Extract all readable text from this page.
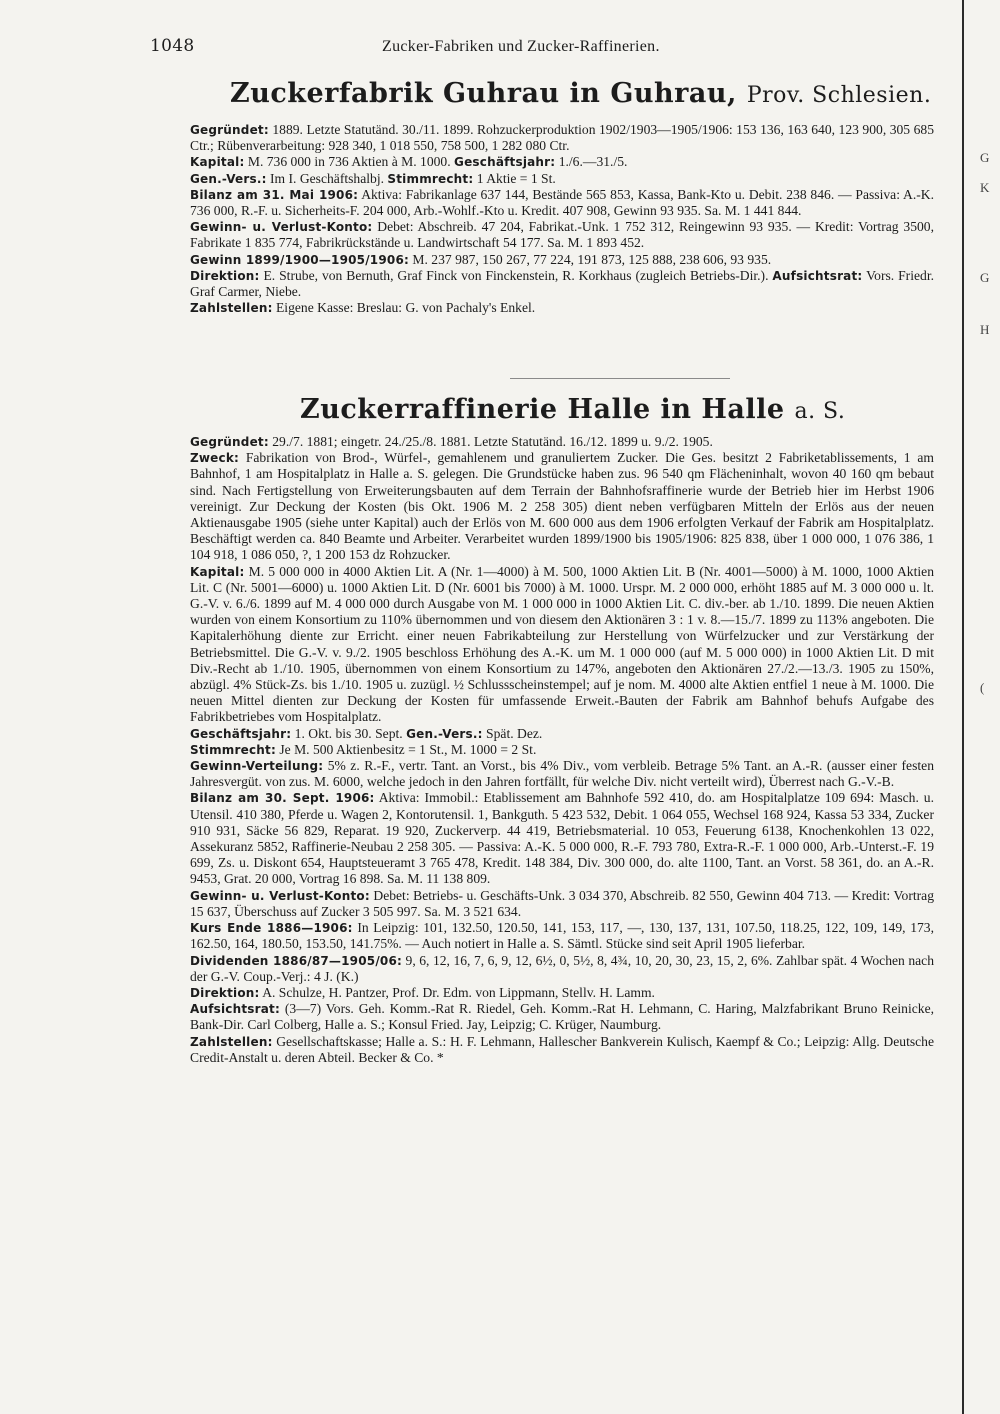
1048	Zucker-Fabriken und Zucker-Raffinerien.
Zuckerfabrik Guhrau in Guhrau, Prov. Schlesien.

Gegründet: 1889. Letzte Statutänd. 30./11. 1899. Rohzuckerproduktion 1902/1903—1905/1906: 153 136, 163 640, 123 900, 305 685 Ctr.; Rübenverarbeitung: 928 340, 1 018 550, 758 500, 1 282 080 Ctr.

Kapital: M. 736 000 in 736 Aktien à M. 1000. Geschäftsjahr: 1./6.—31./5.

Gen.-Vers.: Im I. Geschäftshalbj. Stimmrecht: 1 Aktie = 1 St.

Bilanz am 31. Mai 1906: Aktiva: Fabrikanlage 637 144, Bestände 565 853, Kassa, Bank-Kto u. Debit. 238 846. — Passiva: A.-K. 736 000, R.-F. u. Sicherheits-F. 204 000, Arb.-Wohlf.-Kto u. Kredit. 407 908, Gewinn 93 935. Sa. M. 1 441 844.

Gewinn- u. Verlust-Konto: Debet: Abschreib. 47 204, Fabrikat.-Unk. 1 752 312, Reingewinn 93 935. — Kredit: Vortrag 3500, Fabrikate 1 835 774, Fabrikrückstände u. Landwirtschaft 54 177. Sa. M. 1 893 452.

Gewinn 1899/1900—1905/1906: M. 237 987, 150 267, 77 224, 191 873, 125 888, 238 606, 93 935.

Direktion: E. Strube, von Bernuth, Graf Finck von Finckenstein, R. Korkhaus (zugleich Betriebs-Dir.). Aufsichtsrat: Vors. Friedr. Graf Carmer, Niebe.

Zahlstellen: Eigene Kasse: Breslau: G. von Pachaly's Enkel.

Zuckerraffinerie Halle in Halle a. S.

Gegründet: 29./7. 1881; eingetr. 24./25./8. 1881. Letzte Statutänd. 16./12. 1899 u. 9./2. 1905.

Zweck: Fabrikation von Brod-, Würfel-, gemahlenem und granuliertem Zucker. Die Ges. besitzt 2 Fabriketablissements, 1 am Bahnhof, 1 am Hospitalplatz in Halle a. S. gelegen. Die Grundstücke haben zus. 96 540 qm Flächeninhalt, wovon 40 160 qm bebaut sind. Nach Fertigstellung von Erweiterungsbauten auf dem Terrain der Bahnhofsraffinerie wurde der Betrieb hier im Herbst 1906 vereinigt. Zur Deckung der Kosten (bis Okt. 1906 M. 2 258 305) dient neben verfügbaren Mitteln der Erlös aus der neuen Aktienausgabe 1905 (siehe unter Kapital) auch der Erlös von M. 600 000 aus dem 1906 erfolgten Verkauf der Fabrik am Hospitalplatz. Beschäftigt werden ca. 840 Beamte und Arbeiter. Verarbeitet wurden 1899/1900 bis 1905/1906: 825 838, über 1 000 000, 1 076 386, 1 104 918, 1 086 050, ?, 1 200 153 dz Rohzucker.

Kapital: M. 5 000 000 in 4000 Aktien Lit. A (Nr. 1—4000) à M. 500, 1000 Aktien Lit. B (Nr. 4001—5000) à M. 1000, 1000 Aktien Lit. C (Nr. 5001—6000) u. 1000 Aktien Lit. D (Nr. 6001 bis 7000) à M. 1000. Urspr. M. 2 000 000, erhöht 1885 auf M. 3 000 000 u. lt. G.-V. v. 6./6. 1899 auf M. 4 000 000 durch Ausgabe von M. 1 000 000 in 1000 Aktien Lit. C. div.-ber. ab 1./10. 1899. Die neuen Aktien wurden von einem Konsortium zu 110% übernommen und von diesem den Aktionären 3 : 1 v. 8.—15./7. 1899 zu 113% angeboten. Die Kapitalerhöhung diente zur Erricht. einer neuen Fabrikabteilung zur Herstellung von Würfelzucker und zur Verstärkung der Betriebsmittel. Die G.-V. v. 9./2. 1905 beschloss Erhöhung des A.-K. um M. 1 000 000 (auf M. 5 000 000) in 1000 Aktien Lit. D mit Div.-Recht ab 1./10. 1905, übernommen von einem Konsortium zu 147%, angeboten den Aktionären 27./2.—13./3. 1905 zu 150%, abzügl. 4% Stück-Zs. bis 1./10. 1905 u. zuzügl. ½ Schlussscheinstempel; auf je nom. M. 4000 alte Aktien entfiel 1 neue à M. 1000. Die neuen Mittel dienten zur Deckung der Kosten für umfassende Erweit.-Bauten der Fabrik am Bahnhof behufs Aufgabe des Fabrikbetriebes vom Hospitalplatz.

Geschäftsjahr: 1. Okt. bis 30. Sept. Gen.-Vers.: Spät. Dez.

Stimmrecht: Je M. 500 Aktienbesitz = 1 St., M. 1000 = 2 St.

Gewinn-Verteilung: 5% z. R.-F., vertr. Tant. an Vorst., bis 4% Div., vom verbleib. Betrage 5% Tant. an A.-R. (ausser einer festen Jahresvergüt. von zus. M. 6000, welche jedoch in den Jahren fortfällt, für welche Div. nicht verteilt wird), Überrest nach G.-V.-B.

Bilanz am 30. Sept. 1906: Aktiva: Immobil.: Etablissement am Bahnhofe 592 410, do. am Hospitalplatze 109 694: Masch. u. Utensil. 410 380, Pferde u. Wagen 2, Kontorutensil. 1, Bankguth. 5 423 532, Debit. 1 064 055, Wechsel 168 924, Kassa 53 334, Zucker 910 931, Säcke 56 829, Reparat. 19 920, Zuckerverp. 44 419, Betriebsmaterial. 10 053, Feuerung 6138, Knochenkohlen 13 022, Assekuranz 5852, Raffinerie-Neubau 2 258 305. — Passiva: A.-K. 5 000 000, R.-F. 793 780, Extra-R.-F. 1 000 000, Arb.-Unterst.-F. 19 699, Zs. u. Diskont 654, Hauptsteueramt 3 765 478, Kredit. 148 384, Div. 300 000, do. alte 1100, Tant. an Vorst. 58 361, do. an A.-R. 9453, Grat. 20 000, Vortrag 16 898. Sa. M. 11 138 809.

Gewinn- u. Verlust-Konto: Debet: Betriebs- u. Geschäfts-Unk. 3 034 370, Abschreib. 82 550, Gewinn 404 713. — Kredit: Vortrag 15 637, Überschuss auf Zucker 3 505 997. Sa. M. 3 521 634.

Kurs Ende 1886—1906: In Leipzig: 101, 132.50, 120.50, 141, 153, 117, —, 130, 137, 131, 107.50, 118.25, 122, 109, 149, 173, 162.50, 164, 180.50, 153.50, 141.75%. — Auch notiert in Halle a. S. Sämtl. Stücke sind seit April 1905 lieferbar.

Dividenden 1886/87—1905/06: 9, 6, 12, 16, 7, 6, 9, 12, 6½, 0, 5½, 8, 4¾, 10, 20, 30, 23, 15, 2, 6%. Zahlbar spät. 4 Wochen nach der G.-V. Coup.-Verj.: 4 J. (K.)

Direktion: A. Schulze, H. Pantzer, Prof. Dr. Edm. von Lippmann, Stellv. H. Lamm.

Aufsichtsrat: (3—7) Vors. Geh. Komm.-Rat R. Riedel, Geh. Komm.-Rat H. Lehmann, C. Haring, Malzfabrikant Bruno Reinicke, Bank-Dir. Carl Colberg, Halle a. S.; Konsul Fried. Jay, Leipzig; C. Krüger, Naumburg.

Zahlstellen: Gesellschaftskasse; Halle a. S.: H. F. Lehmann, Hallescher Bankverein Kulisch, Kaempf & Co.; Leipzig: Allg. Deutsche Credit-Anstalt u. deren Abteil. Becker & Co. *

G
K
G
H
(
